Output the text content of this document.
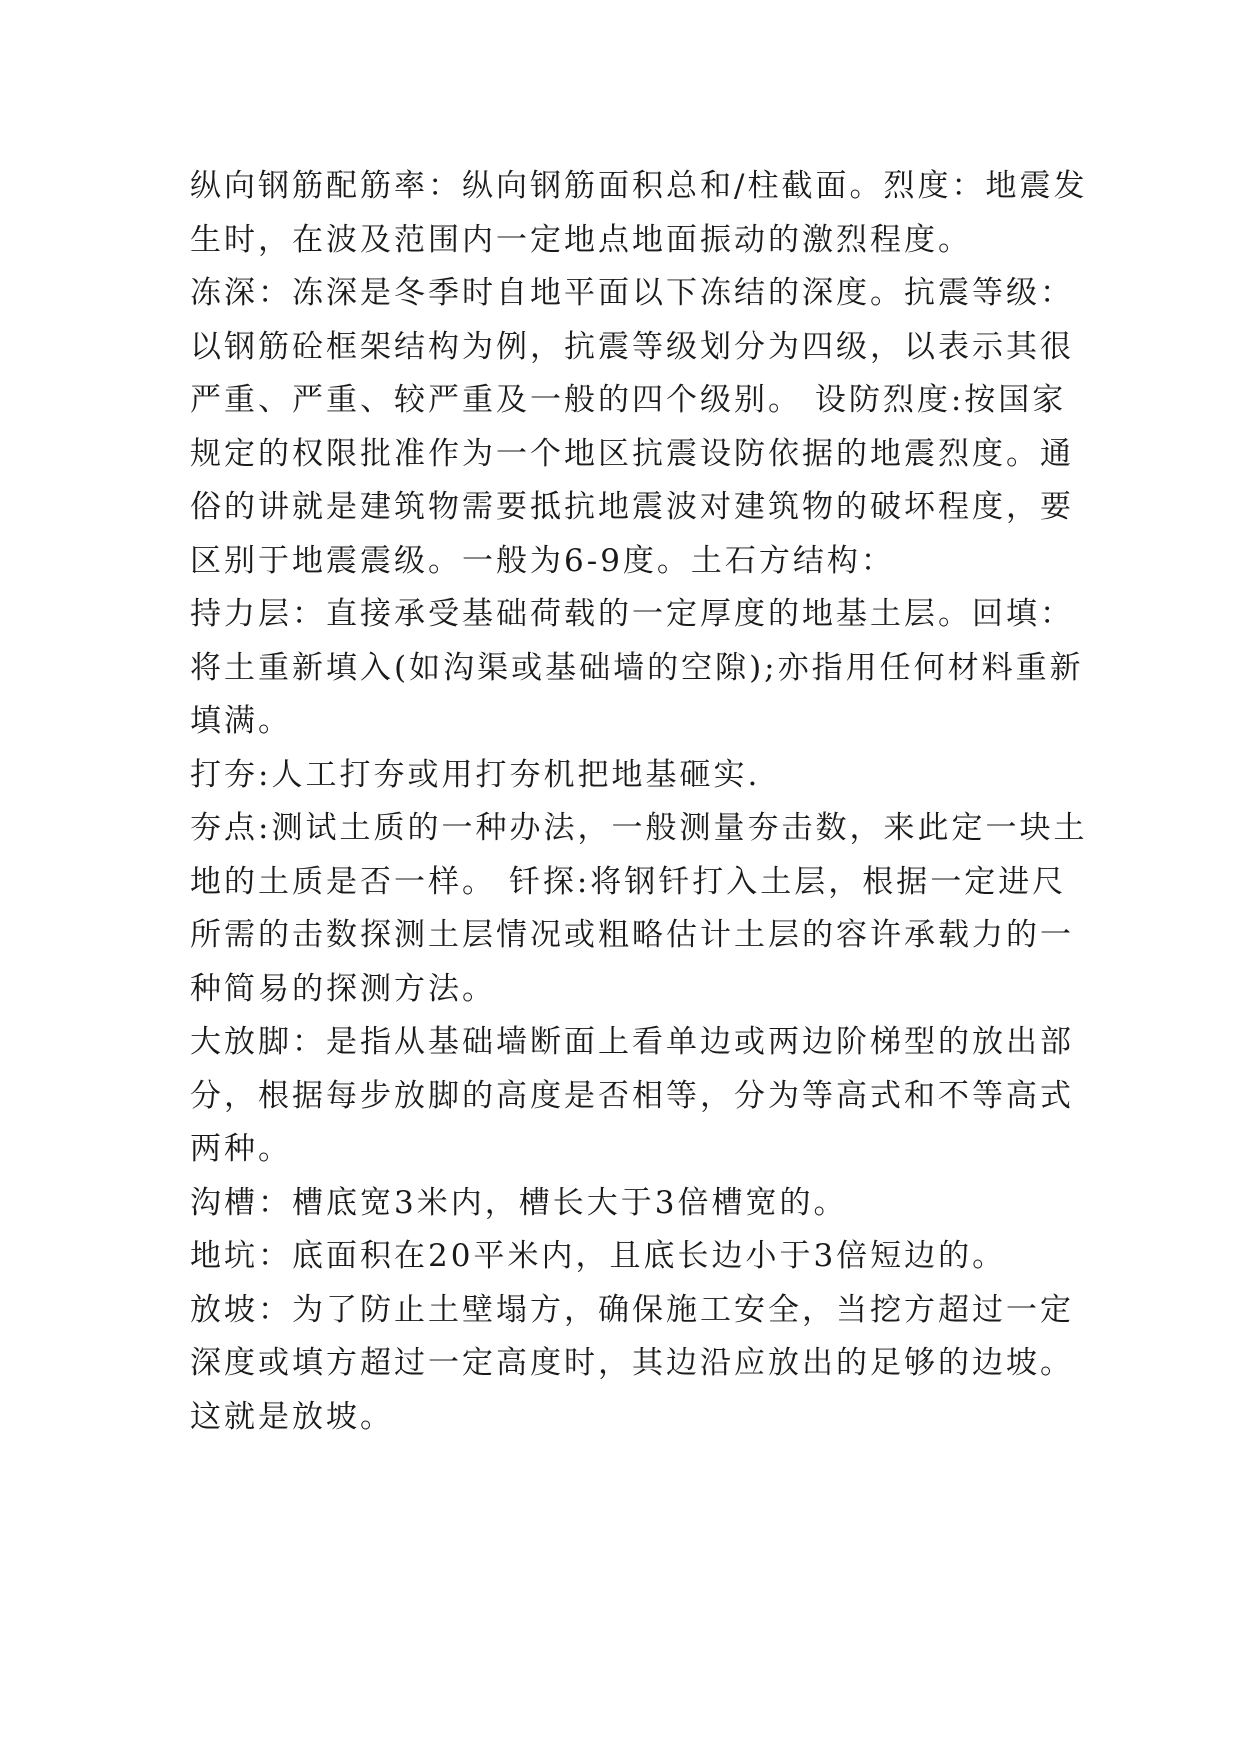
纵向钢筋配筋率：纵向钢筋面积总和/柱截面。烈度：地震发生时，在波及范围内一定地点地面振动的激烈程度。

冻深：冻深是冬季时自地平面以下冻结的深度。抗震等级：以钢筋砼框架结构为例，抗震等级划分为四级，以表示其很严重、严重、较严重及一般的四个级别。 设防烈度:按国家规定的权限批准作为一个地区抗震设防依据的地震烈度。通俗的讲就是建筑物需要抵抗地震波对建筑物的破坏程度，要区别于地震震级。一般为6-9度。土石方结构：

持力层：直接承受基础荷载的一定厚度的地基土层。回填：将土重新填入(如沟渠或基础墙的空隙);亦指用任何材料重新填满。

打夯:人工打夯或用打夯机把地基砸实.

夯点:测试土质的一种办法，一般测量夯击数，来此定一块土地的土质是否一样。 钎探:将钢钎打入土层，根据一定进尺所需的击数探测土层情况或粗略估计土层的容许承载力的一种简易的探测方法。

大放脚：是指从基础墙断面上看单边或两边阶梯型的放出部分，根据每步放脚的高度是否相等，分为等高式和不等高式两种。

沟槽：槽底宽3米内，槽长大于3倍槽宽的。

地坑：底面积在20平米内，且底长边小于3倍短边的。

放坡：为了防止土壁塌方，确保施工安全，当挖方超过一定深度或填方超过一定高度时，其边沿应放出的足够的边坡。这就是放坡。
